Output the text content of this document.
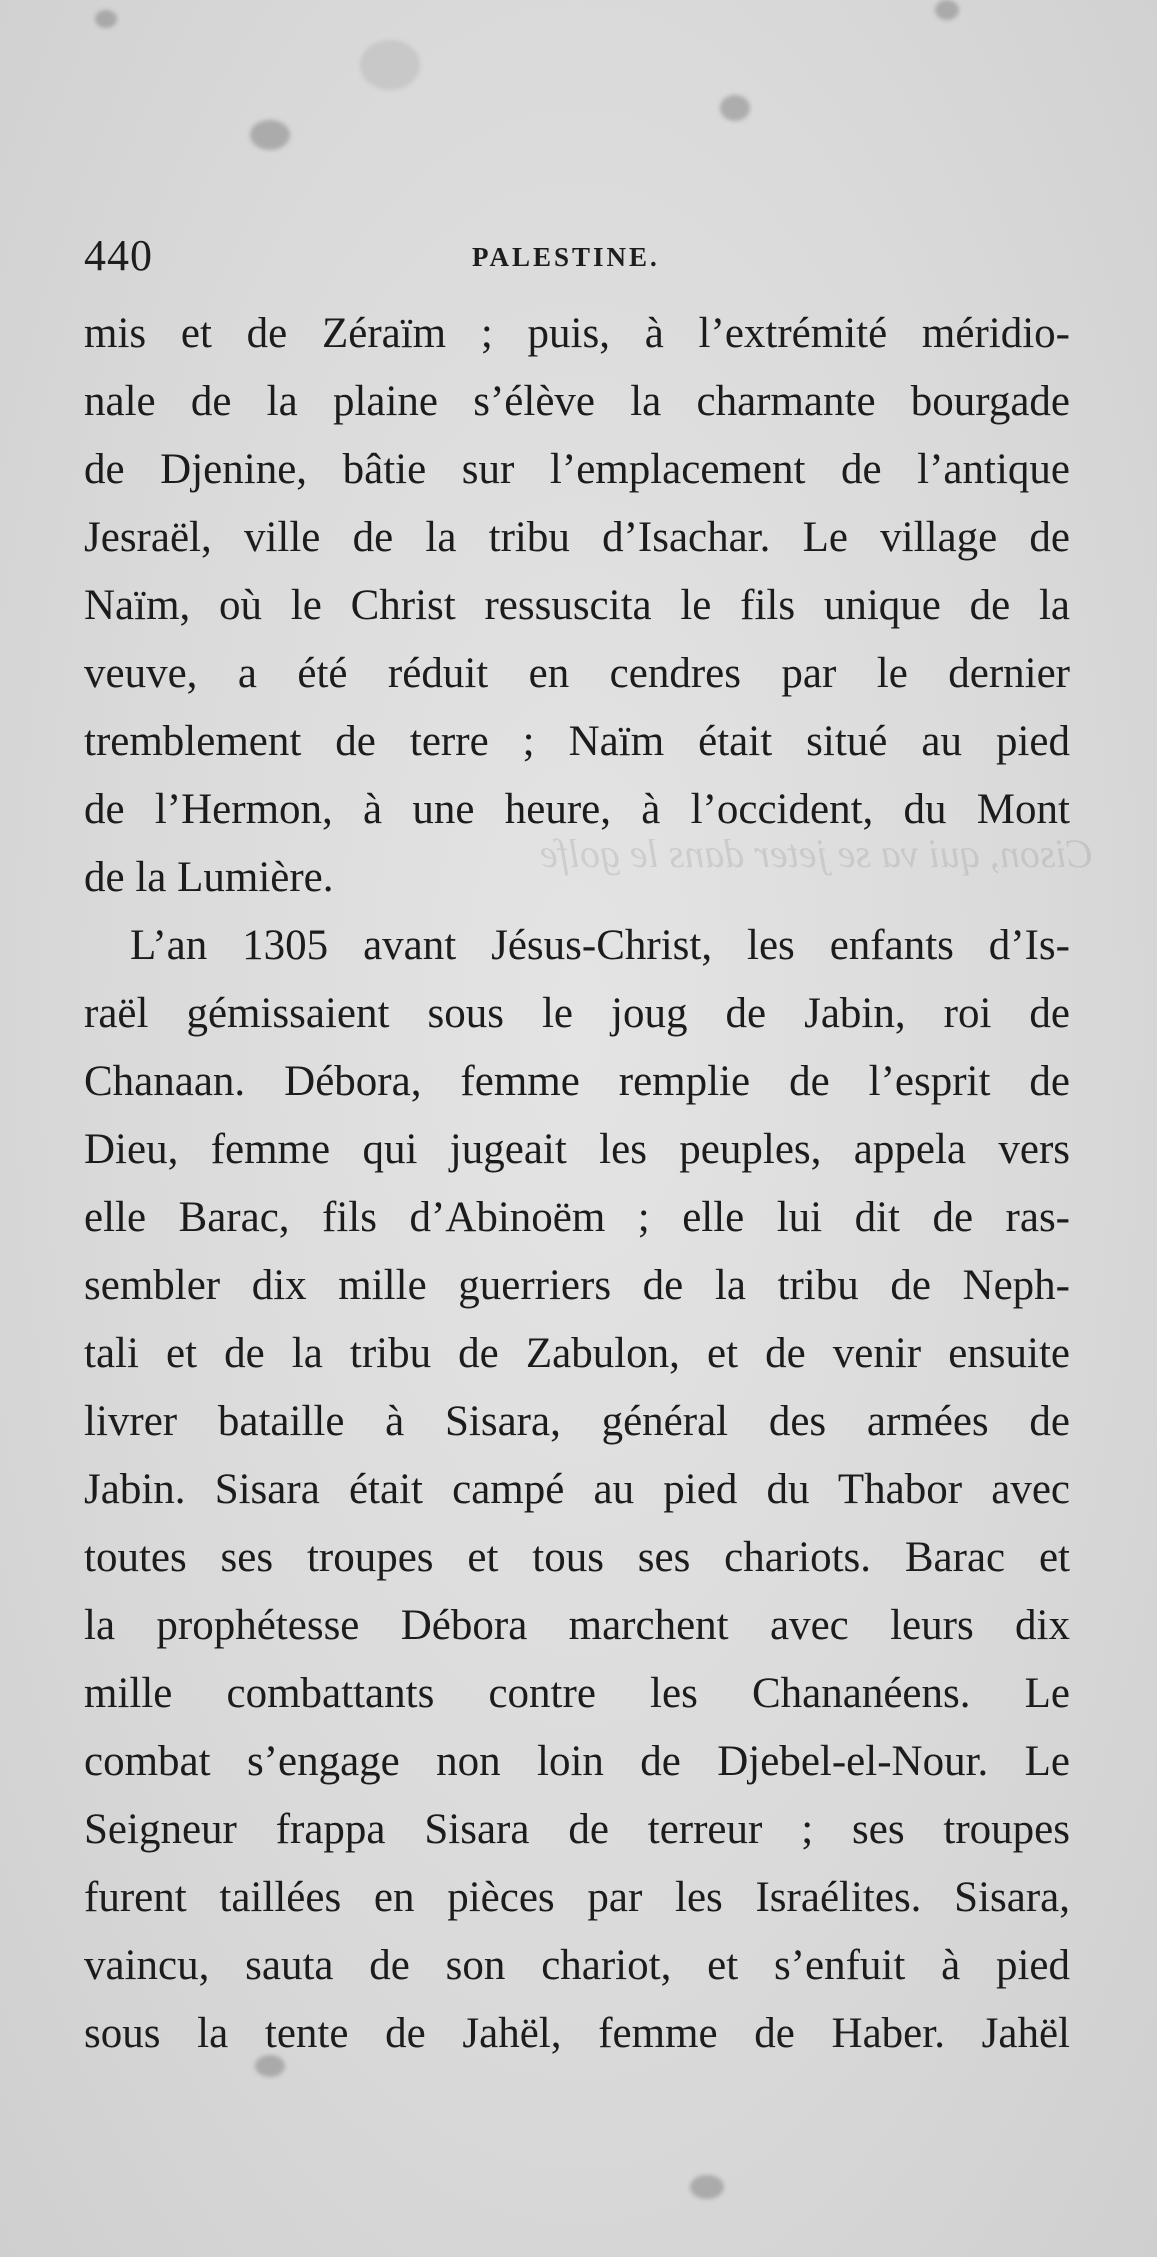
Cison, qui va se jeter dans le golfe
440	PALESTINE.
mis et de Zéraïm ; puis, à l’extrémité méridio-
nale de la plaine s’élève la charmante bourgade
de Djenine, bâtie sur l’emplacement de l’antique
Jesraël, ville de la tribu d’Isachar. Le village de
Naïm, où le Christ ressuscita le fils unique de la
veuve, a été réduit en cendres par le dernier
tremblement de terre ; Naïm était situé au pied
de l’Hermon, à une heure, à l’occident, du Mont
de la Lumière.
L’an 1305 avant Jésus-Christ, les enfants d’Is-
raël gémissaient sous le joug de Jabin, roi de
Chanaan. Débora, femme remplie de l’esprit de
Dieu, femme qui jugeait les peuples, appela vers
elle Barac, fils d’Abinoëm ; elle lui dit de ras-
sembler dix mille guerriers de la tribu de Neph-
tali et de la tribu de Zabulon, et de venir ensuite
livrer bataille à Sisara, général des armées de
Jabin. Sisara était campé au pied du Thabor avec
toutes ses troupes et tous ses chariots. Barac et
la prophétesse Débora marchent avec leurs dix
mille combattants contre les Chananéens. Le
combat s’engage non loin de Djebel-el-Nour. Le
Seigneur frappa Sisara de terreur ; ses troupes
furent taillées en pièces par les Israélites. Sisara,
vaincu, sauta de son chariot, et s’enfuit à pied
sous la tente de Jahël, femme de Haber. Jahël
